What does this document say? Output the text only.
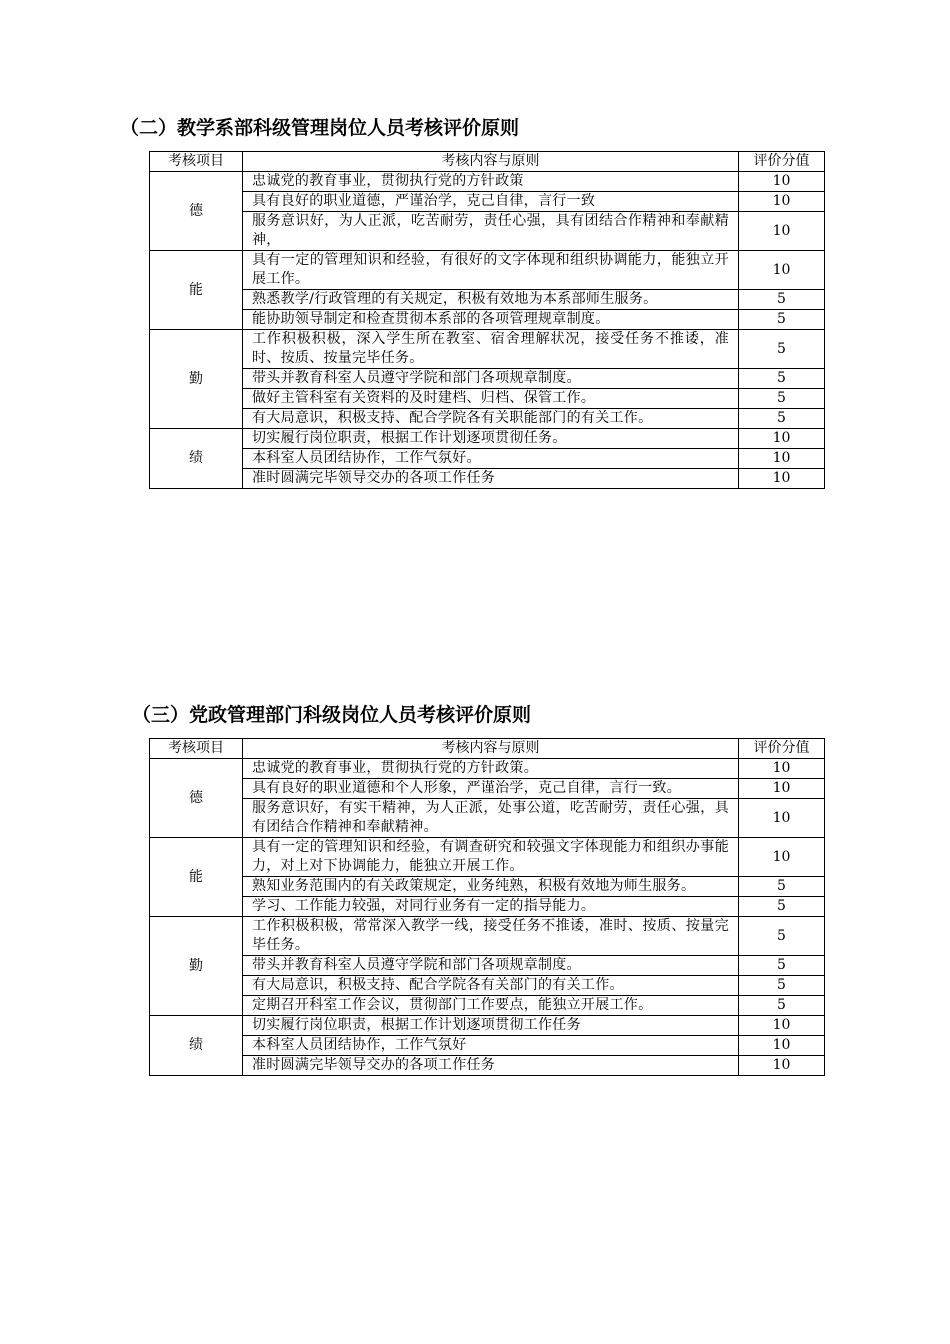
（二）教学系部科级管理岗位人员考核评价原则
考核项目	考核内容与原则	评价分值
德	忠诚党的教育事业，贯彻执行党的方针政策	10
	具有良好的职业道德，严谨治学，克己自律，言行一致	10
	服务意识好，为人正派，吃苦耐劳，责任心强，具有团结合作精神和奉献精神，	10
能	具有一定的管理知识和经验，有很好的文字体现和组织协调能力，能独立开展工作。	10
	熟悉教学/行政管理的有关规定，积极有效地为本系部师生服务。	5
	能协助领导制定和检查贯彻本系部的各项管理规章制度。	5
勤	工作积极积极，深入学生所在教室、宿舍理解状况，接受任务不推诿，准时、按质、按量完毕任务。	5
	带头并教育科室人员遵守学院和部门各项规章制度。	5
	做好主管科室有关资料的及时建档、归档、保管工作。	5
	有大局意识，积极支持、配合学院各有关职能部门的有关工作。	5
绩	切实履行岗位职责，根据工作计划逐项贯彻任务。	10
	本科室人员团结协作，工作气氛好。	10
	准时圆满完毕领导交办的各项工作任务	10
（三）党政管理部门科级岗位人员考核评价原则
考核项目	考核内容与原则	评价分值
德	忠诚党的教育事业，贯彻执行党的方针政策。	10
	具有良好的职业道德和个人形象，严谨治学，克己自律，言行一致。	10
	服务意识好，有实干精神，为人正派，处事公道，吃苦耐劳，责任心强，具有团结合作精神和奉献精神。	10
能	具有一定的管理知识和经验，有调查研究和较强文字体现能力和组织办事能力，对上对下协调能力，能独立开展工作。	10
	熟知业务范围内的有关政策规定，业务纯熟，积极有效地为师生服务。	5
	学习、工作能力较强，对同行业务有一定的指导能力。	5
勤	工作积极积极，常常深入教学一线，接受任务不推诿，准时、按质、按量完毕任务。	5
	带头并教育科室人员遵守学院和部门各项规章制度。	5
	有大局意识，积极支持、配合学院各有关部门的有关工作。	5
	定期召开科室工作会议，贯彻部门工作要点，能独立开展工作。	5
绩	切实履行岗位职责，根据工作计划逐项贯彻工作任务	10
	本科室人员团结协作，工作气氛好	10
	准时圆满完毕领导交办的各项工作任务	10
